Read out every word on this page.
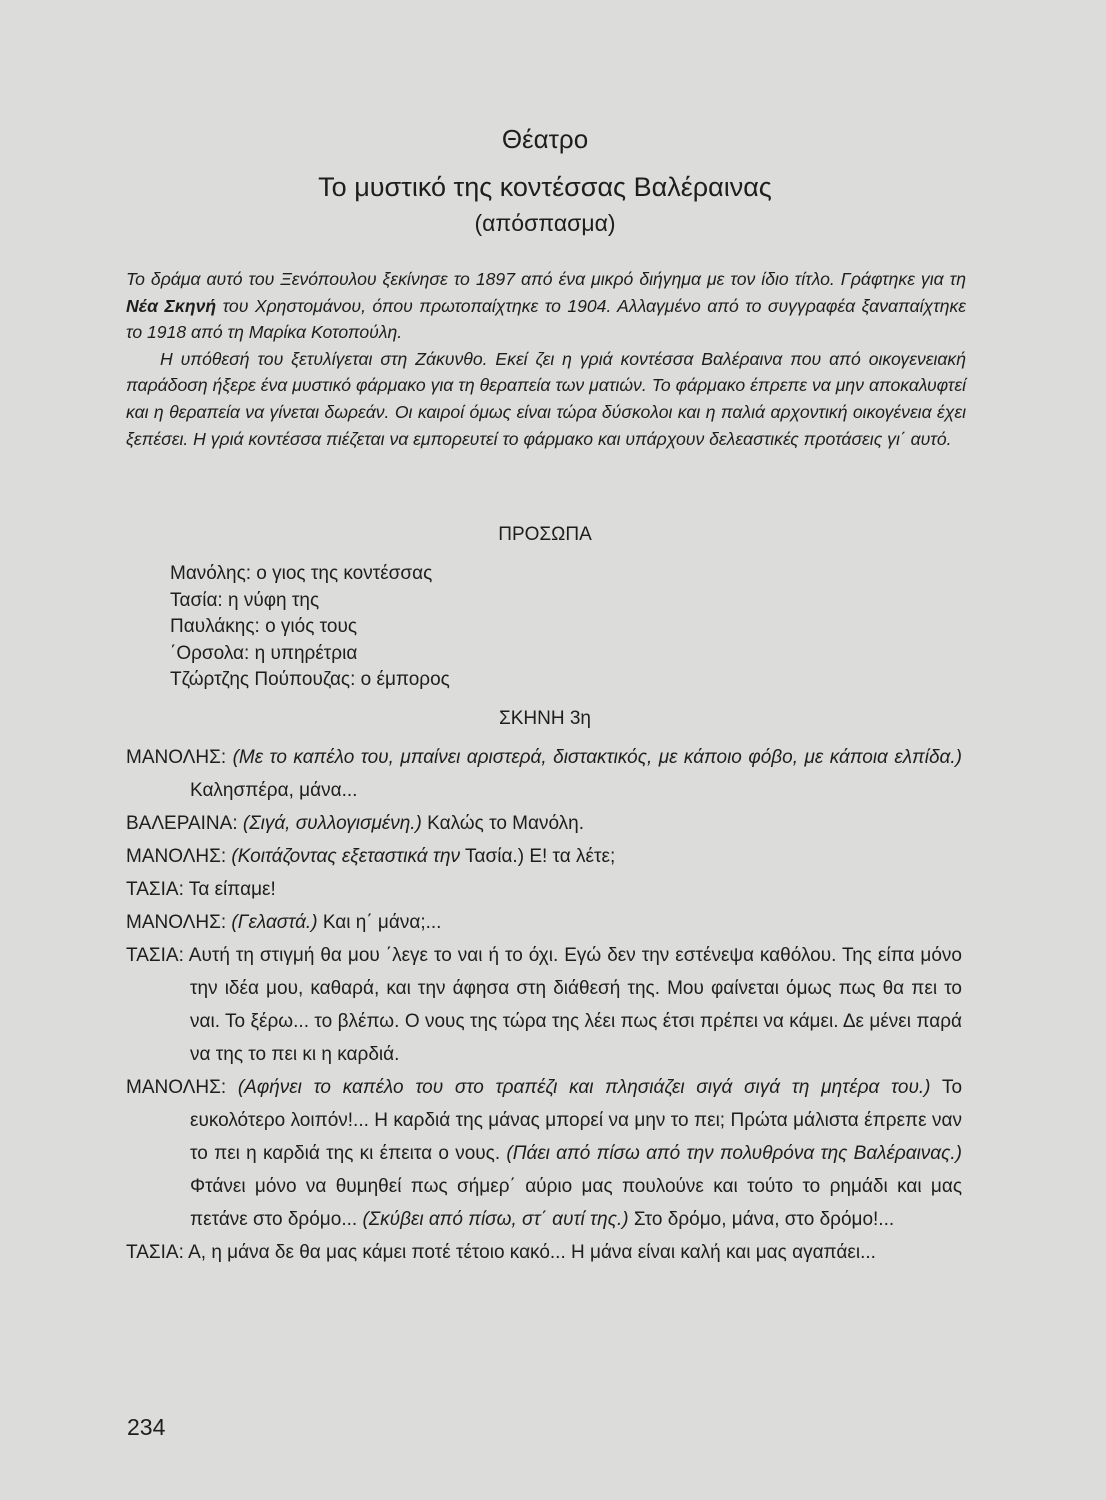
Θέατρο
Το μυστικό της κοντέσσας Βαλέραινας
(απόσπασμα)

Το δράμα αυτό του Ξενόπουλου ξεκίνησε το 1897 από ένα μικρό διήγημα με τον ίδιο τίτλο. Γράφτηκε για τη Νέα Σκηνή του Χρηστομάνου, όπου πρωτοπαίχτηκε το 1904. Αλλαγμένο από το συγγραφέα ξαναπαίχτηκε το 1918 από τη Μαρίκα Κοτοπούλη.

Η υπόθεσή του ξετυλίγεται στη Ζάκυνθο. Εκεί ζει η γριά κοντέσσα Βαλέραινα που από οικογενειακή παράδοση ήξερε ένα μυστικό φάρμακο για τη θεραπεία των ματιών. Το φάρμακο έπρεπε να μην αποκαλυφτεί και η θεραπεία να γίνεται δωρεάν. Οι καιροί όμως είναι τώρα δύσκολοι και η παλιά αρχοντική οικογένεια έχει ξεπέσει. Η γριά κοντέσσα πιέζεται να εμπορευτεί το φάρμακο και υπάρχουν δελεαστικές προτάσεις γι΄ αυτό.

ΠΡΟΣΩΠΑ
Μανόλης: ο γιος της κοντέσσας
Τασία: η νύφη της
Παυλάκης: ο γιός τους
΄Ορσολα: η υπηρέτρια
Τζώρτζης Πούπουζας: ο έμπορος
ΣΚΗΝΗ 3η

ΜΑΝΟΛΗΣ: (Με το καπέλο του, μπαίνει αριστερά, διστακτικός, με κάποιο φόβο, με κάποια ελπίδα.) Καλησπέρα, μάνα...

ΒΑΛΕΡΑΙΝΑ: (Σιγά, συλλογισμένη.) Καλώς το Μανόλη.

ΜΑΝΟΛΗΣ: (Κοιτάζοντας εξεταστικά την Τασία.) Ε! τα λέτε;

ΤΑΣΙΑ: Τα είπαμε!

ΜΑΝΟΛΗΣ: (Γελαστά.) Και η΄ μάνα;...

ΤΑΣΙΑ: Αυτή τη στιγμή θα μου ΄λεγε το ναι ή το όχι. Εγώ δεν την εστένεψα καθόλου. Της είπα μόνο την ιδέα μου, καθαρά, και την άφησα στη διάθεσή της. Μου φαίνεται όμως πως θα πει το ναι. Το ξέρω... το βλέπω. Ο νους της τώρα της λέει πως έτσι πρέπει να κάμει. Δε μένει παρά να της το πει κι η καρδιά.

ΜΑΝΟΛΗΣ: (Αφήνει το καπέλο του στο τραπέζι και πλησιάζει σιγά σιγά τη μητέρα του.) Το ευκολότερο λοιπόν!... Η καρδιά της μάνας μπορεί να μην το πει; Πρώτα μάλιστα έπρεπε ναν το πει η καρδιά της κι έπειτα ο νους. (Πάει από πίσω από την πολυθρόνα της Βαλέραινας.) Φτάνει μόνο να θυμηθεί πως σήμερ΄ αύριο μας πουλούνε και τούτο το ρημάδι και μας πετάνε στο δρόμο... (Σκύβει από πίσω, στ΄ αυτί της.) Στο δρόμο, μάνα, στο δρόμο!...

ΤΑΣΙΑ: Α, η μάνα δε θα μας κάμει ποτέ τέτοιο κακό... Η μάνα είναι καλή και μας αγαπάει...

234
